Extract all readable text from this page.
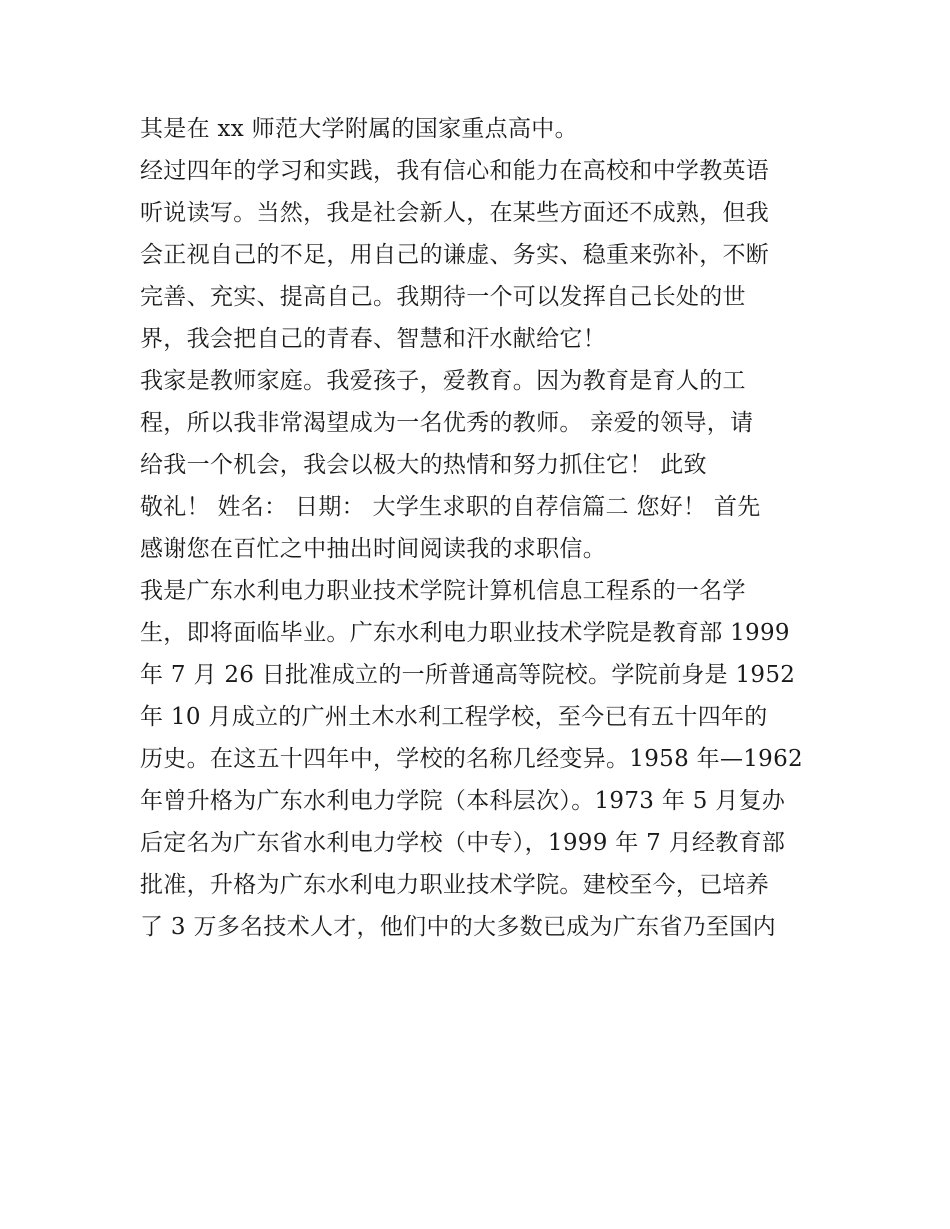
其是在 xx 师范大学附属的国家重点高中。
经过四年的学习和实践，我有信心和能力在高校和中学教英语
听说读写。当然，我是社会新人，在某些方面还不成熟，但我
会正视自己的不足，用自己的谦虚、务实、稳重来弥补，不断
完善、充实、提高自己。我期待一个可以发挥自己长处的世
界，我会把自己的青春、智慧和汗水献给它！
我家是教师家庭。我爱孩子，爱教育。因为教育是育人的工
程，所以我非常渴望成为一名优秀的教师。 亲爱的领导，请
给我一个机会，我会以极大的热情和努力抓住它！ 此致
敬礼！ 姓名： 日期： 大学生求职的自荐信篇二 您好！ 首先
感谢您在百忙之中抽出时间阅读我的求职信。
我是广东水利电力职业技术学院计算机信息工程系的一名学
生，即将面临毕业。广东水利电力职业技术学院是教育部 1999
年 7 月 26 日批准成立的一所普通高等院校。学院前身是 1952
年 10 月成立的广州土木水利工程学校，至今已有五十四年的
历史。在这五十四年中，学校的名称几经变异。1958 年—1962
年曾升格为广东水利电力学院（本科层次）。1973 年 5 月复办
后定名为广东省水利电力学校（中专），1999 年 7 月经教育部
批准，升格为广东水利电力职业技术学院。建校至今，已培养
了 3 万多名技术人才，他们中的大多数已成为广东省乃至国内
